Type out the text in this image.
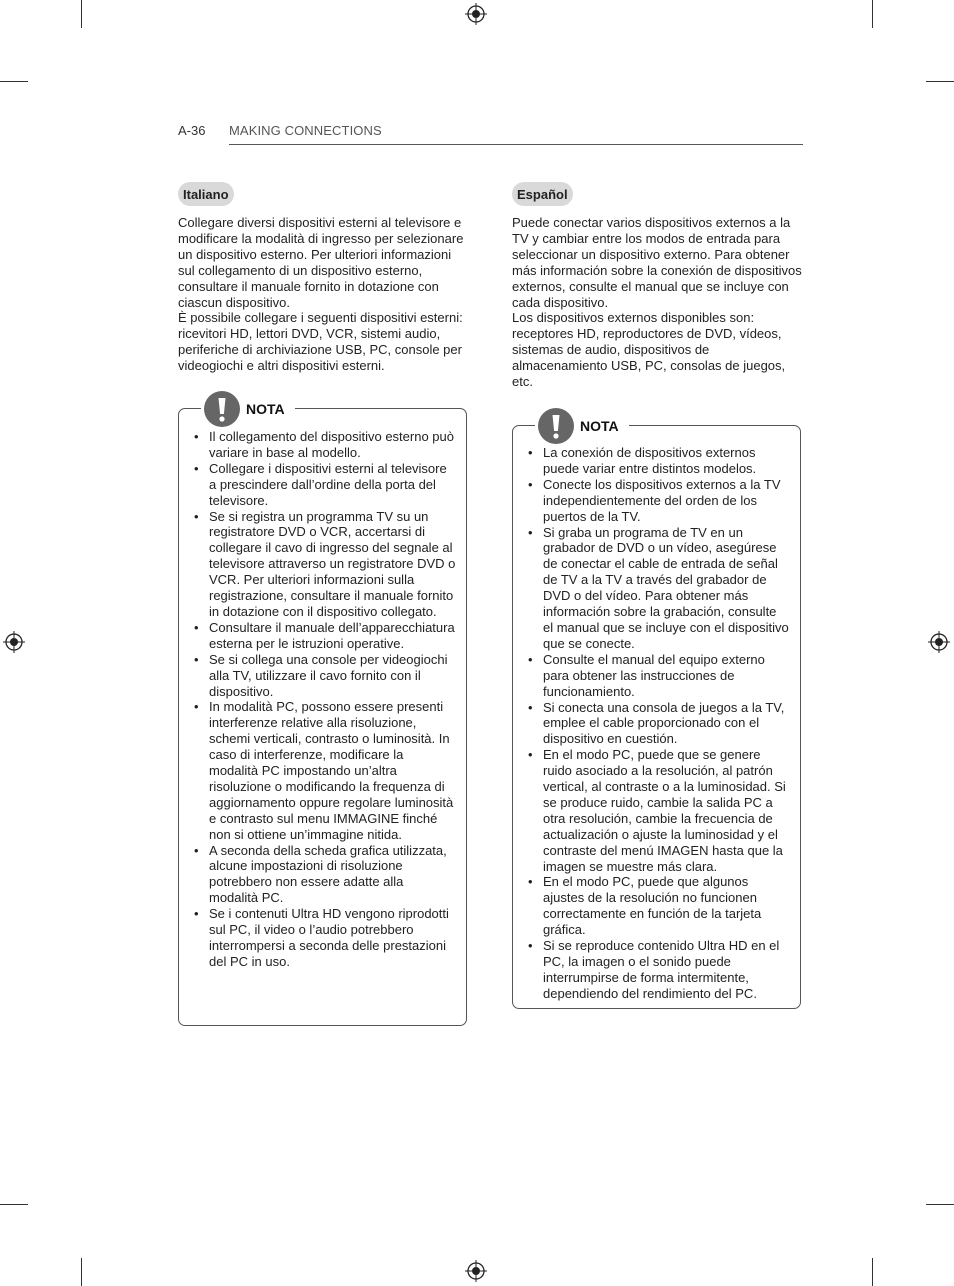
A-36 MAKING CONNECTIONS
Italiano

Collegare diversi dispositivi esterni al televisore e modificare la modalità di ingresso per selezionare un dispositivo esterno. Per ulteriori informazioni sul collegamento di un dispositivo esterno, consultare il manuale fornito in dotazione con ciascun dispositivo.

È possibile collegare i seguenti dispositivi esterni: ricevitori HD, lettori DVD, VCR, sistemi audio, periferiche di archiviazione USB, PC, console per videogiochi e altri dispositivi esterni.

NOTA
• Il collegamento del dispositivo esterno può variare in base al modello.
• Collegare i dispositivi esterni al televisore a prescindere dall’ordine della porta del televisore.
• Se si registra un programma TV su un registratore DVD o VCR, accertarsi di collegare il cavo di ingresso del segnale al televisore attraverso un registratore DVD o VCR. Per ulteriori informazioni sulla registrazione, consultare il manuale fornito in dotazione con il dispositivo collegato.
• Consultare il manuale dell’apparecchiatura esterna per le istruzioni operative.
• Se si collega una console per videogiochi alla TV, utilizzare il cavo fornito con il dispositivo.
• In modalità PC, possono essere presenti interferenze relative alla risoluzione, schemi verticali, contrasto o luminosità. In caso di interferenze, modificare la modalità PC impostando un’altra risoluzione o modificando la frequenza di aggiornamento oppure regolare luminosità e contrasto sul menu IMMAGINE finché non si ottiene un’immagine nitida.
• A seconda della scheda grafica utilizzata, alcune impostazioni di risoluzione potrebbero non essere adatte alla modalità PC.
• Se i contenuti Ultra HD vengono riprodotti sul PC, il video o l’audio potrebbero interrompersi a seconda delle prestazioni del PC in uso.
Español

Puede conectar varios dispositivos externos a la TV y cambiar entre los modos de entrada para seleccionar un dispositivo externo. Para obtener más información sobre la conexión de dispositivos externos, consulte el manual que se incluye con cada dispositivo.

Los dispositivos externos disponibles son: receptores HD, reproductores de DVD, vídeos, sistemas de audio, dispositivos de almacenamiento USB, PC, consolas de juegos, etc.

NOTA
• La conexión de dispositivos externos puede variar entre distintos modelos.
• Conecte los dispositivos externos a la TV independientemente del orden de los puertos de la TV.
• Si graba un programa de TV en un grabador de DVD o un vídeo, asegúrese de conectar el cable de entrada de señal de TV a la TV a través del grabador de DVD o del vídeo. Para obtener más información sobre la grabación, consulte el manual que se incluye con el dispositivo que se conecte.
• Consulte el manual del equipo externo para obtener las instrucciones de funcionamiento.
• Si conecta una consola de juegos a la TV, emplee el cable proporcionado con el dispositivo en cuestión.
• En el modo PC, puede que se genere ruido asociado a la resolución, al patrón vertical, al contraste o a la luminosidad. Si se produce ruido, cambie la salida PC a otra resolución, cambie la frecuencia de actualización o ajuste la luminosidad y el contraste del menú IMAGEN hasta que la imagen se muestre más clara.
• En el modo PC, puede que algunos ajustes de la resolución no funcionen correctamente en función de la tarjeta gráfica.
• Si se reproduce contenido Ultra HD en el PC, la imagen o el sonido puede interrumpirse de forma intermitente, dependiendo del rendimiento del PC.
